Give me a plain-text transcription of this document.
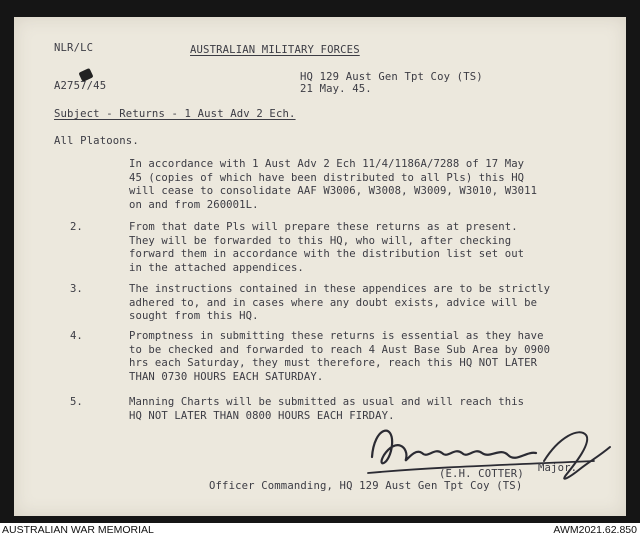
NLR/LC	AUSTRALIAN MILITARY FORCES
A2757/45
HQ 129 Aust Gen Tpt Coy (TS)
21 May. 45.
Subject - Returns - 1 Aust Adv 2 Ech.
All Platoons.
In accordance with 1 Aust Adv 2 Ech 11/4/1186A/7288 of 17 May
45 (copies of which have been distributed to all Pls) this HQ
will cease to consolidate AAF W3006, W3008, W3009, W3010, W3011
on and from 260001L.
2.	From that date Pls will prepare these returns as at present.
They will be forwarded to this HQ, who will, after checking
forward them in accordance with the distribution list set out
in the attached appendices.
3.	The instructions contained in these appendices are to be strictly
adhered to, and in cases where any doubt exists, advice will be
sought from this HQ.
4.	Promptness in submitting these returns is essential as they have
to be checked and forwarded to reach 4 Aust Base Sub Area by 0900
hrs each Saturday, they must therefore, reach this HQ NOT LATER
THAN 0730 HOURS EACH SATURDAY.
5.	Manning Charts will be submitted as usual and will reach this
HQ NOT LATER THAN 0800 HOURS EACH FIRDAY.
(E.H. COTTER) Major.
Officer Commanding, HQ 129 Aust Gen Tpt Coy (TS)
AUSTRALIAN WAR MEMORIAL	AWM2021.62.850
